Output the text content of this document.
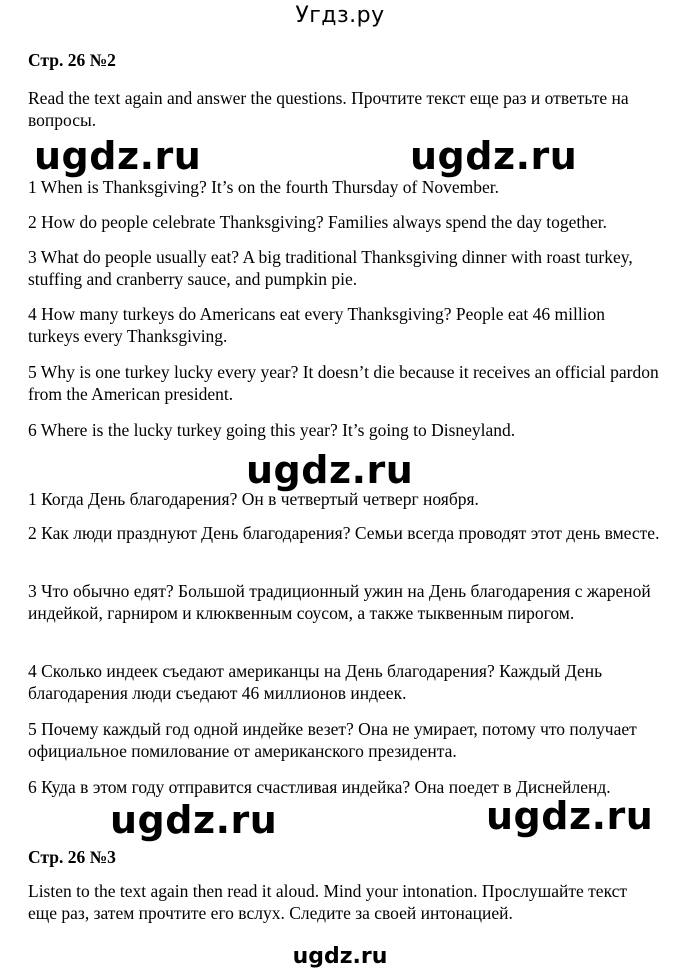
Угдз.ру

Стр. 26 №2

Read the text again and answer the questions. Прочтите текст еще раз и ответьте на вопросы.

ugdz.ru	ugdz.ru

1 When is Thanksgiving? It’s on the fourth Thursday of November.

2 How do people celebrate Thanksgiving? Families always spend the day together.

3 What do people usually eat? A big traditional Thanksgiving dinner with roast turkey, stuffing and cranberry sauce, and pumpkin pie.

4 How many turkeys do Americans eat every Thanksgiving? People eat 46 million turkeys every Thanksgiving.

5 Why is one turkey lucky every year? It doesn’t die because it receives an official pardon from the American president.

6 Where is the lucky turkey going this year? It’s going to Disneyland.

ugdz.ru

1 Когда День благодарения? Он в четвертый четверг ноября.

2 Как люди празднуют День благодарения? Семьи всегда проводят этот день вместе.

3 Что обычно едят? Большой традиционный ужин на День благодарения с жареной индейкой, гарниром и клюквенным соусом, а также тыквенным пирогом.

4 Сколько индеек съедают американцы на День благодарения? Каждый День благодарения люди съедают 46 миллионов индеек.

5 Почему каждый год одной индейке везет? Она не умирает, потому что получает официальное помилование от американского президента.

6 Куда в этом году отправится счастливая индейка? Она поедет в Диснейленд.

ugdz.ru	ugdz.ru

Стр. 26 №3

Listen to the text again then read it aloud. Mind your intonation. Прослушайте текст еще раз, затем прочтите его вслух. Следите за своей интонацией.

ugdz.ru
